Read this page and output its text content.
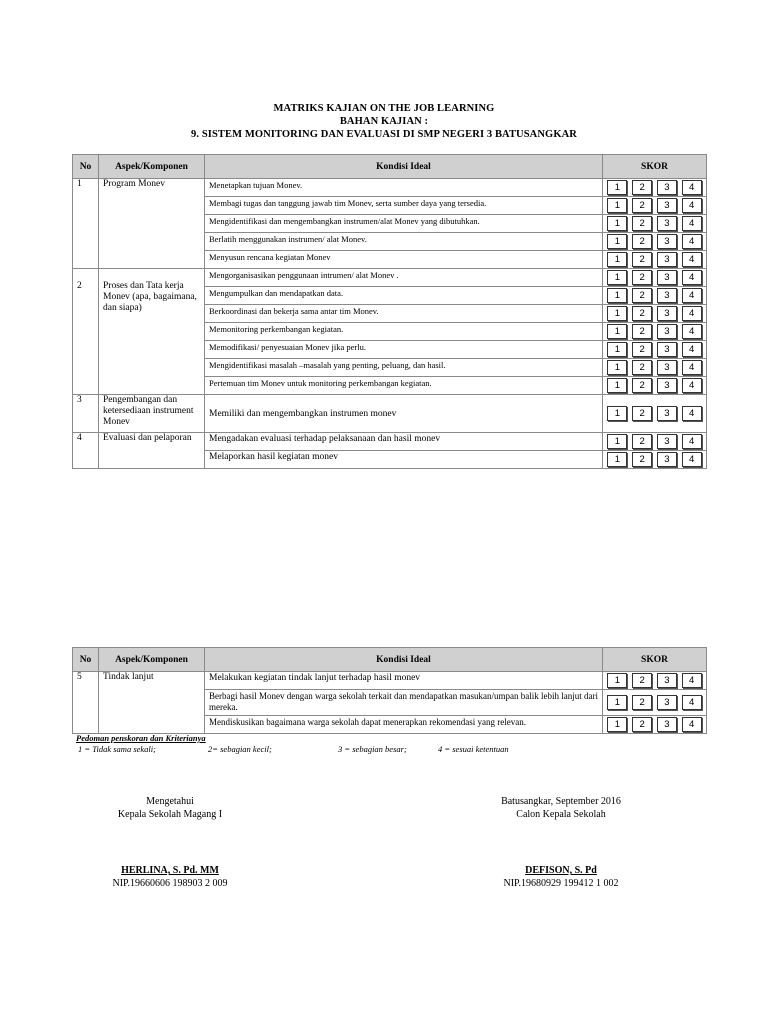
MATRIKS KAJIAN ON THE JOB LEARNING
BAHAN KAJIAN :
9. SISTEM MONITORING DAN EVALUASI DI SMP NEGERI 3 BATUSANGKAR
No	Aspek/Komponen	Kondisi Ideal	SKOR
1	Program Monev	Menetapkan tujuan Monev.	1 2 3 4

		Membagi tugas dan tanggung jawab tim Monev, serta sumber daya yang tersedia.	1 2 3 4

		Mengidentifikasi dan mengembangkan instrumen/alat Monev yang dibutuhkan.	1 2 3 4

		Berlatih menggunakan instrumen/ alat Monev.	1 2 3 4

		Menyusun rencana kegiatan Monev	1 2 3 4

2	Proses dan Tata kerja Monev (apa, bagaimana, dan siapa)	Mengorganisasikan penggunaan intrumen/ alat Monev .	1 2 3 4

		Mengumpulkan dan mendapatkan data.	1 2 3 4

		Berkoordinasi dan bekerja sama antar tim Monev.	1 2 3 4

		Memonitoring perkembangan kegiatan.	1 2 3 4

		Memodifikasi/ penyesuaian Monev jika perlu.	1 2 3 4

		Mengidentifikasi masalah –masalah yang penting, peluang, dan hasil.	1 2 3 4

		Pertemuan tim Monev untuk monitoring perkembangan kegiatan.	1 2 3 4

3	Pengembangan dan ketersediaan instrument Monev	Memiliki dan mengembangkan instrumen monev	1 2 3 4

4	Evaluasi dan pelaporan	Mengadakan evaluasi terhadap pelaksanaan dan hasil monev	1 2 3 4

		Melaporkan hasil kegiatan monev	1 2 3 4
No	Aspek/Komponen	Kondisi Ideal	SKOR
5	Tindak lanjut	Melakukan kegiatan tindak lanjut terhadap hasil monev	1 2 3 4

		Berbagi hasil Monev dengan warga sekolah terkait dan mendapatkan masukan/umpan balik lebih lanjut dari mereka.	1 2 3 4

		Mendiskusikan bagaimana warga sekolah dapat menerapkan rekomendasi yang relevan.	1 2 3 4
Pedoman penskoran dan Kriterianya
1 = Tidak sama sekali;	2= sebagian kecil;	3 = sebagian besar;	4 = sesuai ketentuan
Mengetahui
Kepala Sekolah Magang I
HERLINA, S. Pd. MM
NIP.19660606 198903 2 009
Batusangkar, September 2016
Calon Kepala Sekolah
DEFISON, S. Pd
NIP.19680929 199412 1 002
